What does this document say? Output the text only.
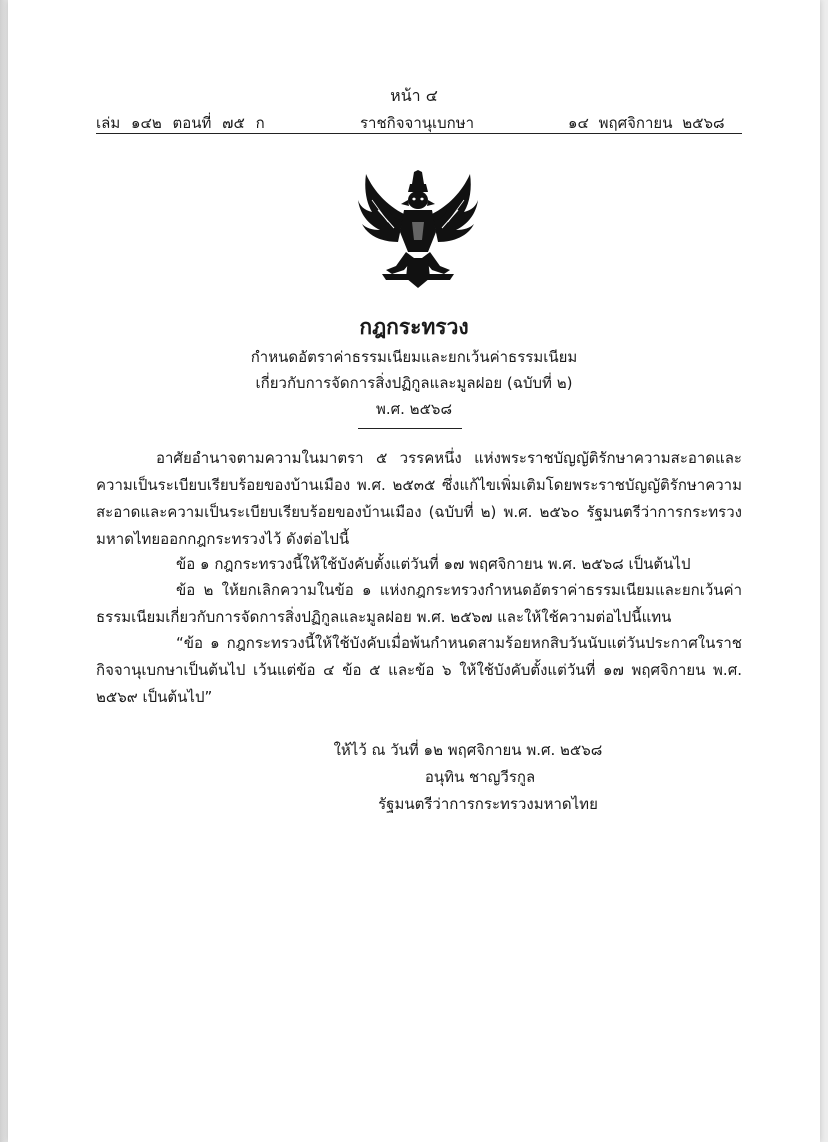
หน้า ๔
เล่ม ๑๔๒ ตอนที่ ๗๕ ก	ราชกิจจานุเบกษา	๑๔ พฤศจิกายน ๒๕๖๘
กฎกระทรวง
กำหนดอัตราค่าธรรมเนียมและยกเว้นค่าธรรมเนียม
เกี่ยวกับการจัดการสิ่งปฏิกูลและมูลฝอย (ฉบับที่ ๒)
พ.ศ. ๒๕๖๘
อาศัยอำนาจตามความในมาตรา ๕ วรรคหนึ่ง แห่งพระราชบัญญัติรักษาความสะอาดและความเป็นระเบียบเรียบร้อยของบ้านเมือง พ.ศ. ๒๕๓๕ ซึ่งแก้ไขเพิ่มเติมโดยพระราชบัญญัติรักษาความสะอาดและความเป็นระเบียบเรียบร้อยของบ้านเมือง (ฉบับที่ ๒) พ.ศ. ๒๕๖๐ รัฐมนตรีว่าการกระทรวงมหาดไทยออกกฎกระทรวงไว้ ดังต่อไปนี้
ข้อ ๑ กฎกระทรวงนี้ให้ใช้บังคับตั้งแต่วันที่ ๑๗ พฤศจิกายน พ.ศ. ๒๕๖๘ เป็นต้นไป
ข้อ ๒ ให้ยกเลิกความในข้อ ๑ แห่งกฎกระทรวงกำหนดอัตราค่าธรรมเนียมและยกเว้นค่าธรรมเนียมเกี่ยวกับการจัดการสิ่งปฏิกูลและมูลฝอย พ.ศ. ๒๕๖๗ และให้ใช้ความต่อไปนี้แทน
“ข้อ ๑ กฎกระทรวงนี้ให้ใช้บังคับเมื่อพ้นกำหนดสามร้อยหกสิบวันนับแต่วันประกาศในราชกิจจานุเบกษาเป็นต้นไป เว้นแต่ข้อ ๔ ข้อ ๕ และข้อ ๖ ให้ใช้บังคับตั้งแต่วันที่ ๑๗ พฤศจิกายน พ.ศ. ๒๕๖๙ เป็นต้นไป”
ให้ไว้ ณ วันที่ ๑๒ พฤศจิกายน พ.ศ. ๒๕๖๘
อนุทิน ชาญวีรกูล
รัฐมนตรีว่าการกระทรวงมหาดไทย
